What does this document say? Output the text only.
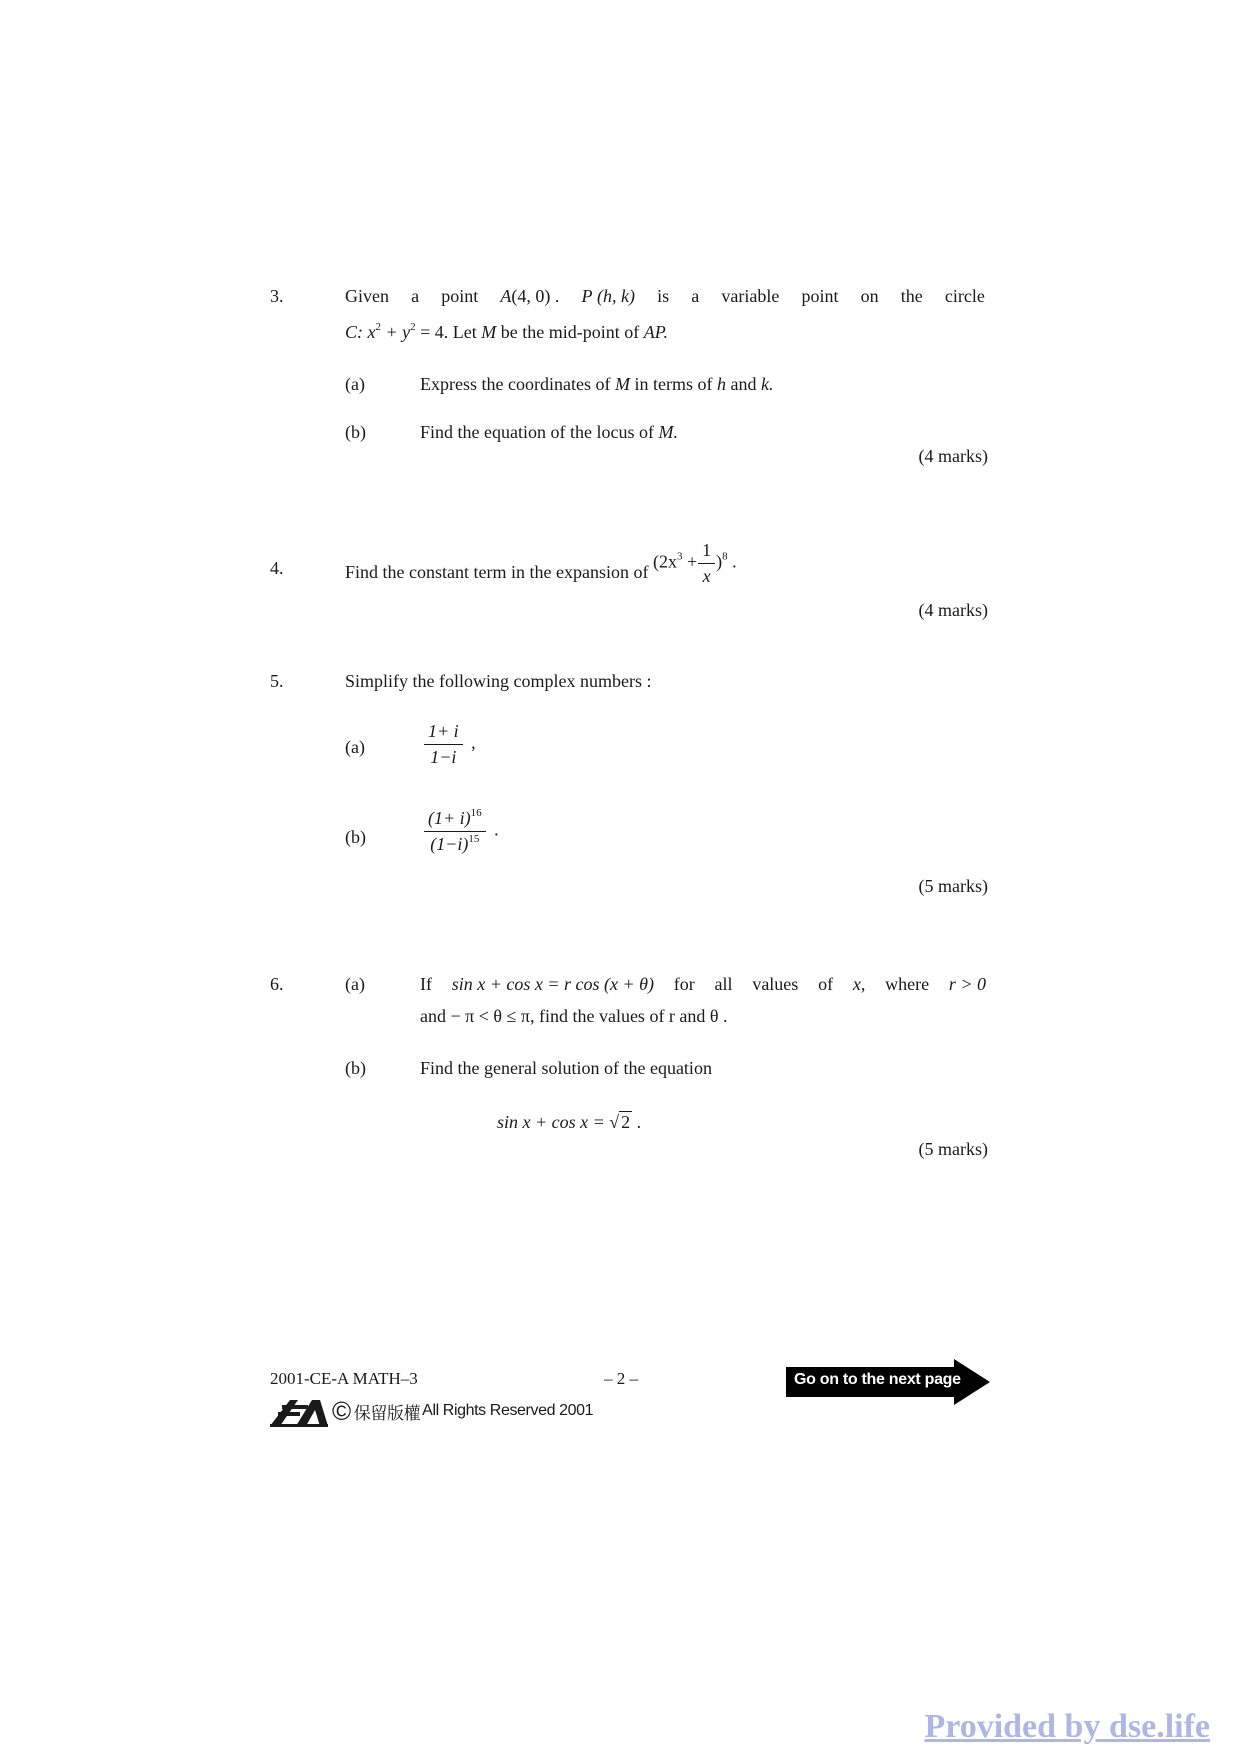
3.	Given a point A(4, 0) . P (h, k) is a variable point on the circle
C: $x^2 + y^2 = 4$. Let M be the mid-point of AP.
(a)	Express the coordinates of M in terms of h and k.
(b)	Find the equation of the locus of M.
(4 marks)
4.	Find the constant term in the expansion of $(2x^3 + \frac{1}{x} )^8$ .
(4 marks)
5.	Simplify the following complex numbers :
(a)	$\frac{1+ i}{1-i}$ ,
(b)	$\frac{(1+ i)^{16}}{(1-i)^{15}}$ .
(5 marks)
6.	(a)	If sin x + cos x = r cos (x + θ) for all values of x, where r > 0
and − π < θ ≤ π, find the values of r and θ .
(b)	Find the general solution of the equation
sin x + cos x = √ 2 .
(5 marks)
2001-CE-A MATH–3	– 2 –	Go on to the next page
© 保留版權 All Rights Reserved 2001
Provided by dse.life
